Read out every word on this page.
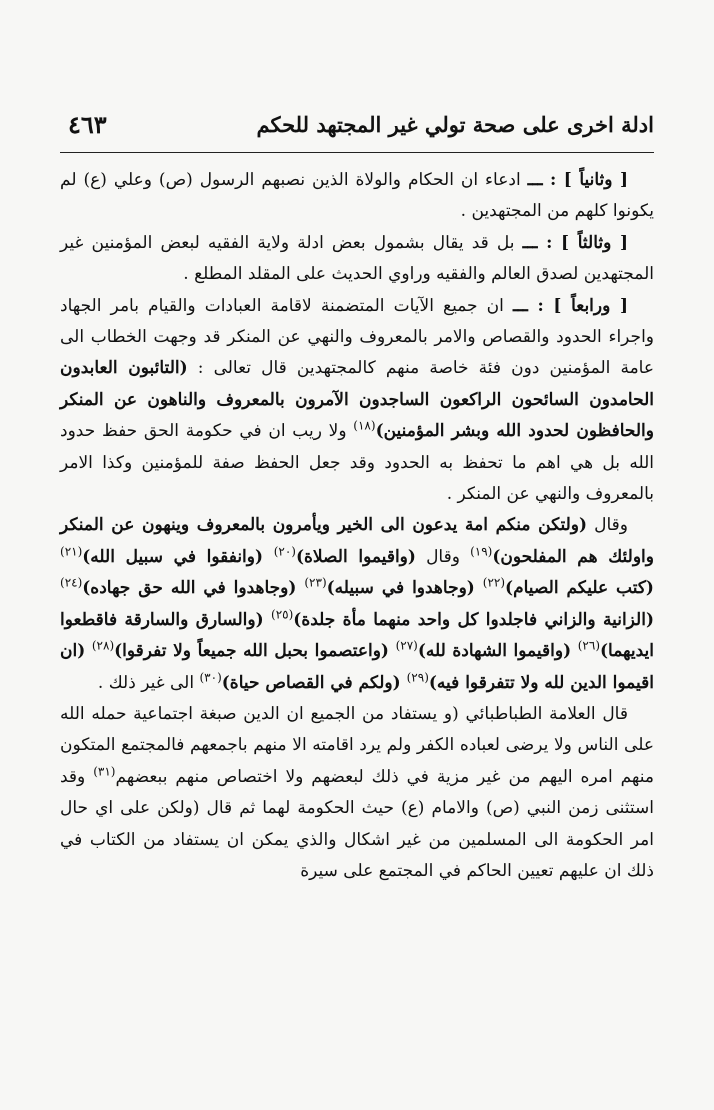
ادلة اخرى على صحة تولي غير المجتهد للحكم
٤٦٣

[ وثانياً ] : ـــ ادعاء ان الحكام والولاة الذين نصبهم الرسول (ص) وعلي (ع) لم يكونوا كلهم من المجتهدين .

[ وثالثاً ] : ـــ بل قد يقال بشمول بعض ادلة ولاية الفقيه لبعض المؤمنين غير المجتهدين لصدق العالم والفقيه وراوي الحديث على المقلد المطلع .

[ ورابعاً ] : ـــ ان جميع الآيات المتضمنة لاقامة العبادات والقيام بامر الجهاد واجراء الحدود والقصاص والامر بالمعروف والنهي عن المنكر قد وجهت الخطاب الى عامة المؤمنين دون فئة خاصة منهم كالمجتهدين قال تعالى : (التائبون العابدون الحامدون السائحون الراكعون الساجدون الآمرون بالمعروف والناهون عن المنكر والحافظون لحدود الله وبشر المؤمنين)$^{(١٨)}$ ولا ريب ان في حكومة الحق حفظ حدود الله بل هي اهم ما تحفظ به الحدود وقد جعل الحفظ صفة للمؤمنين وكذا الامر بالمعروف والنهي عن المنكر .

وقال (ولتكن منكم امة يدعون الى الخير ويأمرون بالمعروف وينهون عن المنكر واولئك هم المفلحون)$^{(١٩)}$ وقال (واقيموا الصلاة)$^{(٢٠)}$ (وانفقوا في سبيل الله)$^{(٢١)}$ (كتب عليكم الصيام)$^{(٢٢)}$ (وجاهدوا في سبيله)$^{(٢٣)}$ (وجاهدوا في الله حق جهاده)$^{(٢٤)}$ (الزانية والزاني فاجلدوا كل واحد منهما مأة جلدة)$^{(٢٥)}$ (والسارق والسارقة فاقطعوا ايديهما)$^{(٢٦)}$ (واقيموا الشهادة لله)$^{(٢٧)}$ (واعتصموا بحبل الله جميعاً ولا تفرقوا)$^{(٢٨)}$ (ان اقيموا الدين لله ولا تتفرقوا فيه)$^{(٢٩)}$ (ولكم في القصاص حياة)$^{(٣٠)}$ الى غير ذلك .

قال العلامة الطباطبائي (و يستفاد من الجميع ان الدين صبغة اجتماعية حمله الله على الناس ولا يرضى لعباده الكفر ولم يرد اقامته الا منهم باجمعهم فالمجتمع المتكون منهم امره اليهم من غير مزية في ذلك لبعضهم ولا اختصاص منهم ببعضهم$^{(٣١)}$ وقد استثنى زمن النبي (ص) والامام (ع) حيث الحكومة لهما ثم قال (ولكن على اي حال امر الحكومة الى المسلمين من غير اشكال والذي يمكن ان يستفاد من الكتاب في ذلك ان عليهم تعيين الحاكم في المجتمع على سيرة
